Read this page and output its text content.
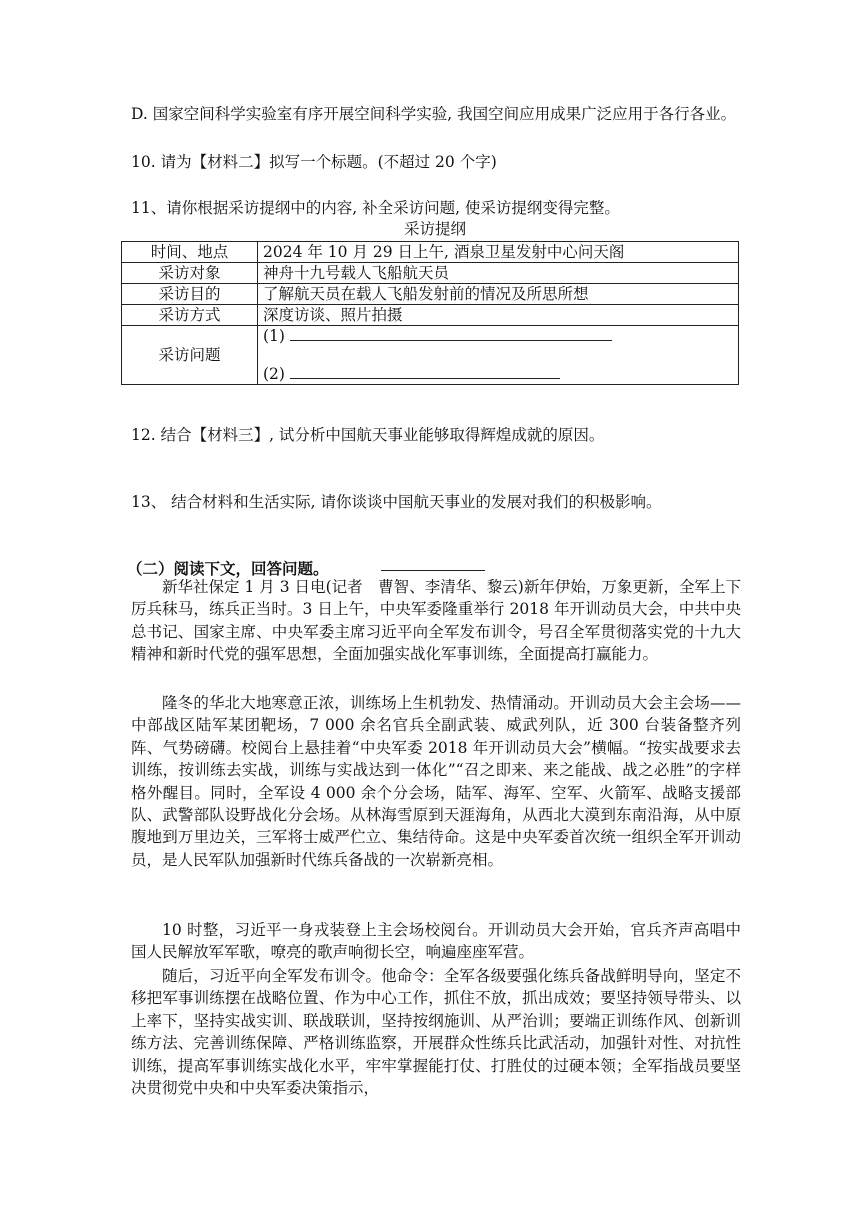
D. 国家空间科学实验室有序开展空间科学实验, 我国空间应用成果广泛应用于各行各业。
10. 请为【材料二】拟写一个标题。(不超过 20 个字)
11、请你根据采访提纲中的内容, 补全采访问题, 使采访提纲变得完整。
采访提纲
时间、地点	2024 年 10 月 29 日上午, 酒泉卫星发射中心问天阁
采访对象	神舟十九号载人飞船航天员
采访目的	了解航天员在载人飞船发射前的情况及所思所想
采访方式	深度访谈、照片拍摄
采访问题	(1)
(2)
12. 结合【材料三】, 试分析中国航天事业能够取得辉煌成就的原因。
13、 结合材料和生活实际, 请你谈谈中国航天事业的发展对我们的积极影响。
（二）阅读下文，回答问题。
新华社保定 1 月 3 日电(记者　曹智、李清华、黎云)新年伊始，万象更新，全军上下厉兵秣马，练兵正当时。3 日上午，中央军委隆重举行 2018 年开训动员大会，中共中央总书记、国家主席、中央军委主席习近平向全军发布训令，号召全军贯彻落实党的十九大精神和新时代党的强军思想，全面加强实战化军事训练，全面提高打赢能力。
隆冬的华北大地寒意正浓，训练场上生机勃发、热情涌动。开训动员大会主会场——中部战区陆军某团靶场，7 000 余名官兵全副武装、威武列队，近 300 台装备整齐列阵、气势磅礴。校阅台上悬挂着“中央军委 2018 年开训动员大会”横幅。“按实战要求去训练，按训练去实战，训练与实战达到一体化”“召之即来、来之能战、战之必胜”的字样格外醒目。同时，全军设 4 000 余个分会场，陆军、海军、空军、火箭军、战略支援部队、武警部队设野战化分会场。从林海雪原到天涯海角，从西北大漠到东南沿海，从中原腹地到万里边关，三军将士威严伫立、集结待命。这是中央军委首次统一组织全军开训动员，是人民军队加强新时代练兵备战的一次崭新亮相。
10 时整，习近平一身戎装登上主会场校阅台。开训动员大会开始，官兵齐声高唱中国人民解放军军歌，嘹亮的歌声响彻长空，响遍座座军营。
随后，习近平向全军发布训令。他命令：全军各级要强化练兵备战鲜明导向，坚定不移把军事训练摆在战略位置、作为中心工作，抓住不放，抓出成效；要坚持领导带头、以上率下，坚持实战实训、联战联训，坚持按纲施训、从严治训；要端正训练作风、创新训练方法、完善训练保障、严格训练监察，开展群众性练兵比武活动，加强针对性、对抗性训练，提高军事训练实战化水平，牢牢掌握能打仗、打胜仗的过硬本领；全军指战员要坚决贯彻党中央和中央军委决策指示，
